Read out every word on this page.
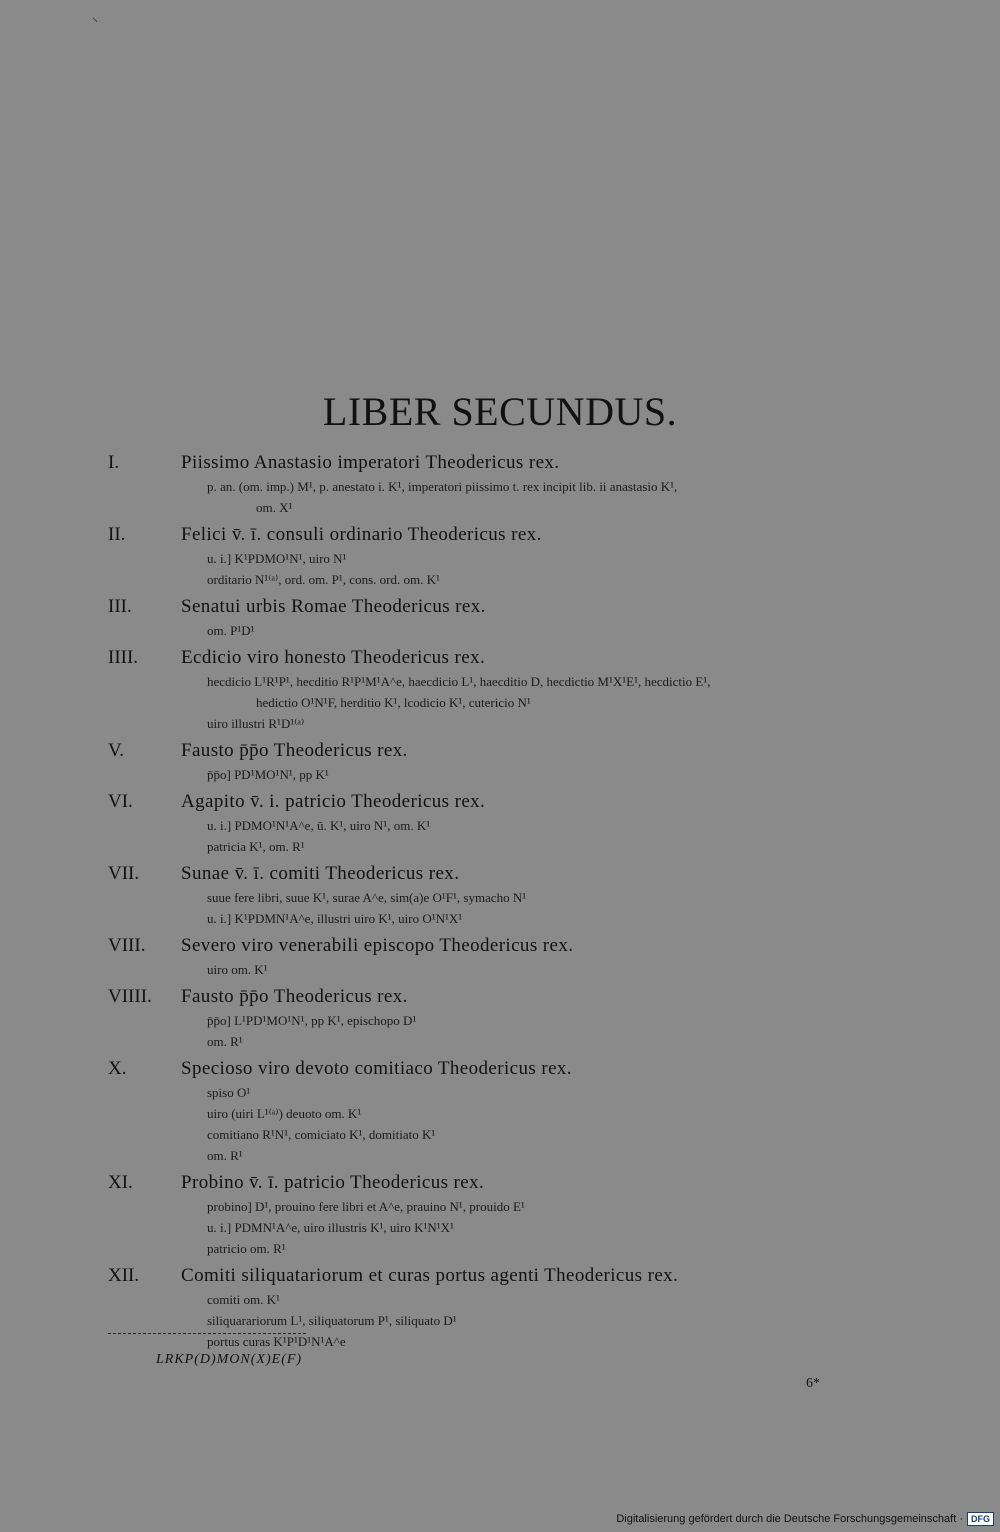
⸜
LIBER SECUNDUS.
I.	Piissimo Anastasio imperatori Theodericus rex.
p. an. (om. imp.) M¹, p. anestato i. K¹, imperatori piissimo t. rex incipit lib. ii anastasio K¹,
om. X¹
II.	Felici v̄. ī. consuli ordinario Theodericus rex.
u. i.] K¹PDMO¹N¹, uiro N¹
orditario N¹⁽ᵃ⁾, ord. om. P¹, cons. ord. om. K¹
III.	Senatui urbis Romae Theodericus rex.
om. P¹D¹
IIII. Ecdicio viro honesto Theodericus rex.
hecdicio L¹R¹P¹, hecditio R¹P¹M¹A^e, haecdicio L¹, haecditio D, hecdictio M¹X¹E¹, hecdictio E¹,
hedictio O¹N¹F, herditio K¹, lcodicio K¹, cutericio N¹
uiro illustri R¹D¹⁽ᵃ⁾
V.	Fausto p̄p̄o Theodericus rex.
p̄p̄o] PD¹MO¹N¹, pp K¹
VI.	Agapito v̄. i. patricio Theodericus rex.
u. i.] PDMO¹N¹A^e, ū. K¹, uiro N¹, om. K¹
patricia K¹, om. R¹
VII. Sunae v̄. ī. comiti Theodericus rex.
suue fere libri, suue K¹, surae A^e, sim(a)e O¹F¹, symacho N¹
u. i.] K¹PDMN¹A^e, illustri uiro K¹, uiro O¹N¹X¹
VIII. Severo viro venerabili episcopo Theodericus rex.
uiro om. K¹
VIIII. Fausto p̄p̄o Theodericus rex.
p̄p̄o] L¹PD¹MO¹N¹, pp K¹, epischopo D¹
om. R¹
X.	Specioso viro devoto comitiaco Theodericus rex.
spiso O¹
uiro (uiri L¹⁽ᵃ⁾) deuoto om. K¹
comitiano R¹N¹, comiciato K¹, domitiato K¹
om. R¹
XI.	Probino v̄. ī. patricio Theodericus rex.
probino] D¹, prouino fere libri et A^e, prauino N¹, prouido E¹
u. i.] PDMN¹A^e, uiro illustris K¹, uiro K¹N¹X¹
patricio om. R¹
XII. Comiti siliquatariorum et curas portus agenti Theodericus rex.
comiti om. K¹
siliquarariorum L¹, siliquatorum P¹, siliquato D¹
portus curas K¹P¹D¹N¹A^e
LRKP(D)MON(X)E(F)
6*
Digitalisierung gefördert durch die Deutsche Forschungsgemeinschaft · DFG
